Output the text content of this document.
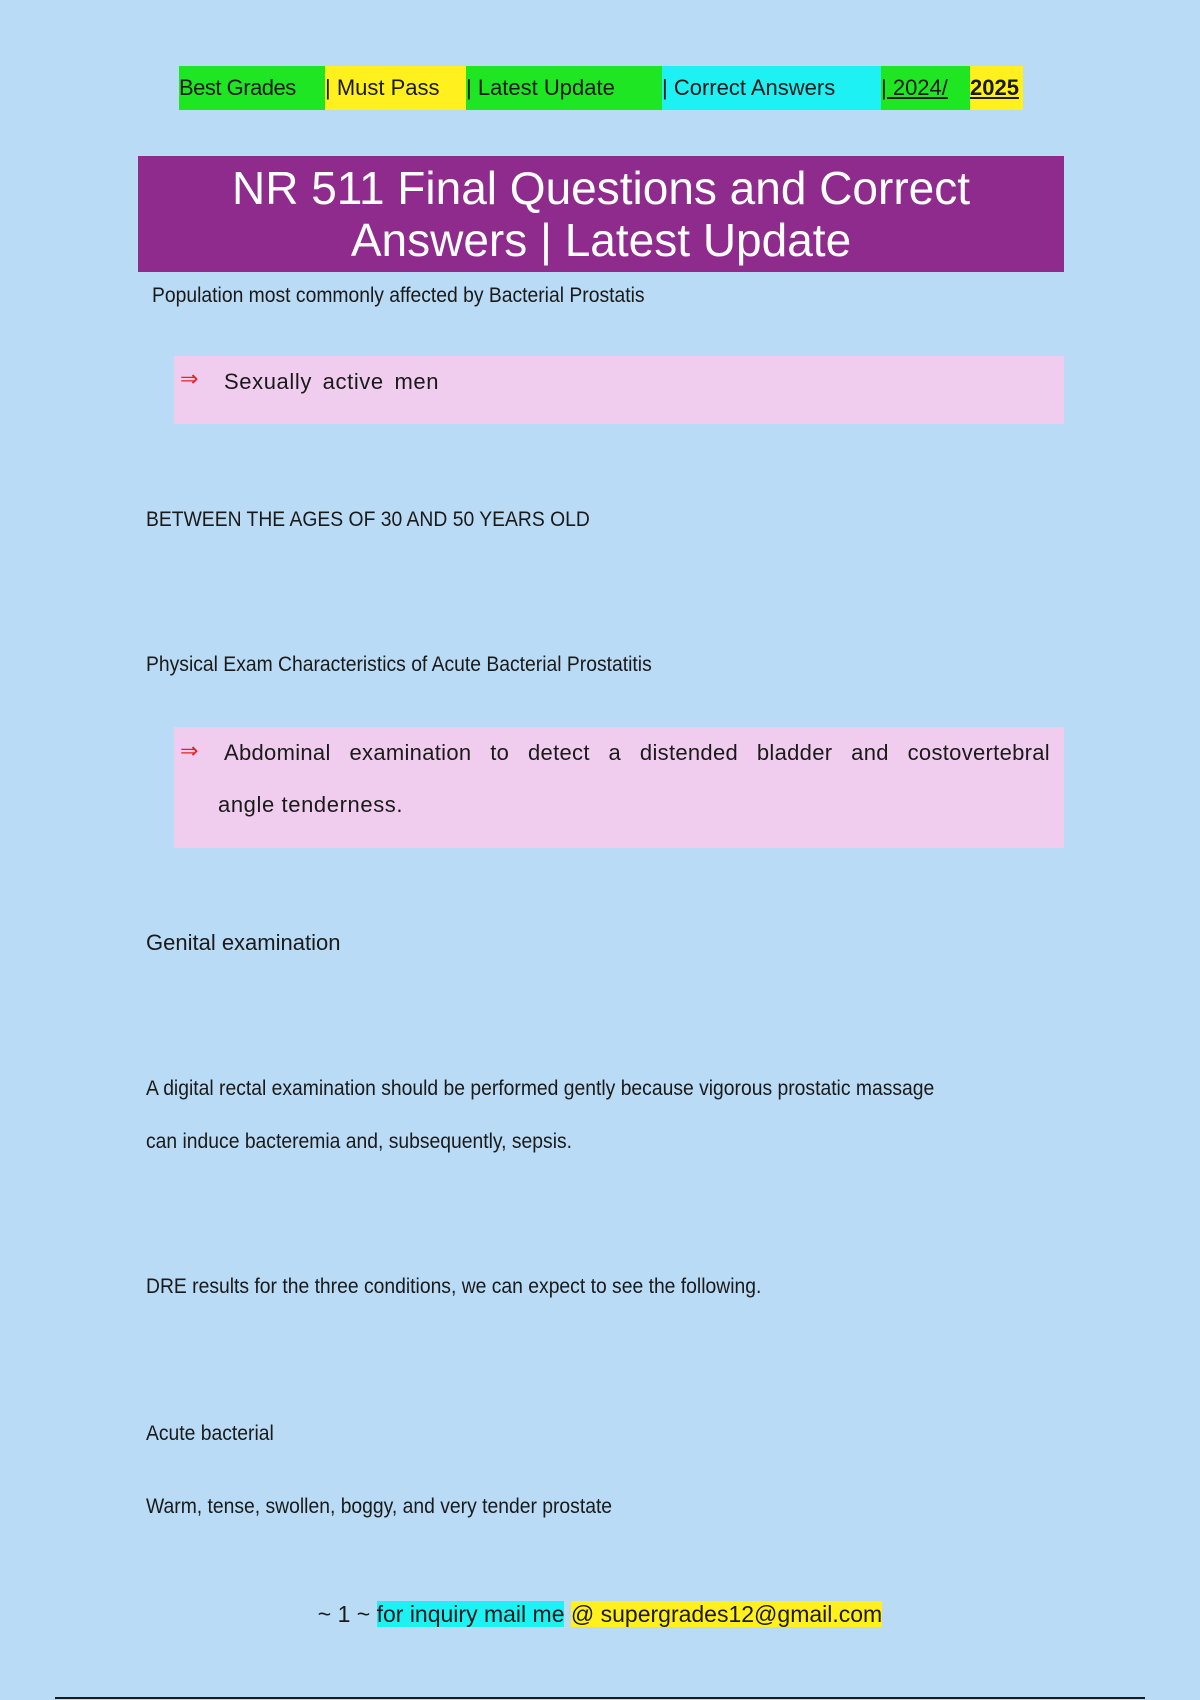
Best Grades	| Must Pass	| Latest Update	| Correct Answers	| 2024/	2025
NR 511 Final Questions and Correct Answers | Latest Update
Population most commonly affected by Bacterial Prostatis
⇒ Sexually active men
BETWEEN THE AGES OF 30 AND 50 YEARS OLD
Physical Exam Characteristics of Acute Bacterial Prostatitis
⇒ Abdominal examination to detect a distended bladder and costovertebral
angle tenderness.
Genital examination
A digital rectal examination should be performed gently because vigorous prostatic massage
can induce bacteremia and, subsequently, sepsis.
DRE results for the three conditions, we can expect to see the following.
Acute bacterial
Warm, tense, swollen, boggy, and very tender prostate
~ 1 ~ for inquiry mail me @ supergrades12@gmail.com
